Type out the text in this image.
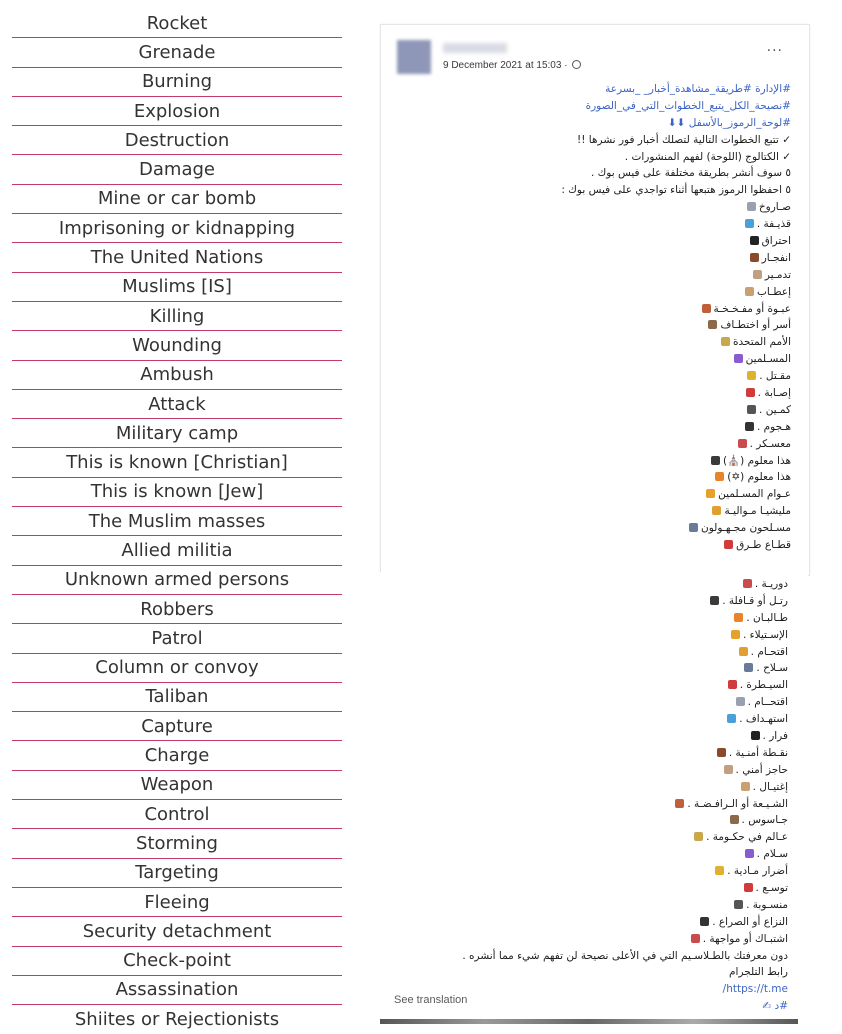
Rocket
Grenade
Burning
Explosion
Destruction
Damage
Mine or car bomb
Imprisoning or kidnapping
The United Nations
Muslims [IS]
Killing
Wounding
Ambush
Attack
Military camp
This is known [Christian]
This is known [Jew]
The Muslim masses
Allied militia
Unknown armed persons
Robbers
Patrol
Column or convoy
Taliban
Capture
Charge
Weapon
Control
Storming
Targeting
Fleeing
Security detachment
Check-point
Assassination
Shiites or Rejectionists
9 December 2021 at 15:03 ·
···
#الإدارة #طريقة_مشاهدة_أخبار_ _بسرعة
#نصيحة_الكل_يتبع_الخطوات_التي_في_الصورة
#لوحة_الرموز_بالأسفل ⬇⬇
✓ تتبع الخطوات التالية لتصلك أخبار فور نشرها !!
✓ الكتالوج (اللوحة) لفهم المنشورات .
٥ سوف أنشر بطريقة مختلفة على فيس بوك .
٥ احفظوا الرموز هتبعها أثناء تواجدي على فيس بوك :
صـاروخ
قذيـفة .
احتراق
انفجـار
تدمـير
إعطـاب
عبـوة أو مفـخـخـة
أسر أو اختطـاف
الأمم المتحدة
المسـلمين
مقـتل .
إصـابة .
كمـين .
هـجوم .
معسـكر .
هذا معلوم (⛪)
هذا معلوم (✡)
عـوام المسـلمين
مليشيـا مـواليـة
مسـلحون مجـهـولون
قطـاع طـرق
دوريـة .
رتـل أو قـافلة .
طـالبـان .
الإسـتيلاء .
اقتحـام .
سـلاح .
السيـطرة .
اقتحــام .
استهـداف .
فرار .
نقـطة أمنـية .
حاجز أمني .
إغتيـال .
الشـيـعة أو الـرافـضـة .
جـاسوس .
عـالم في حكـومة .
سـلام .
أضرار مـادية .
توسـع .
منسـوبة .
النزاع أو الصراع .
اشتبـاك أو مواجهة .
دون معرفتك بالطـلاسـيم التي في الأعلى نصيحة لن تفهم شيء مما أنشره .
رابط التلجرام
https://t.me/
#د ✍
See translation
